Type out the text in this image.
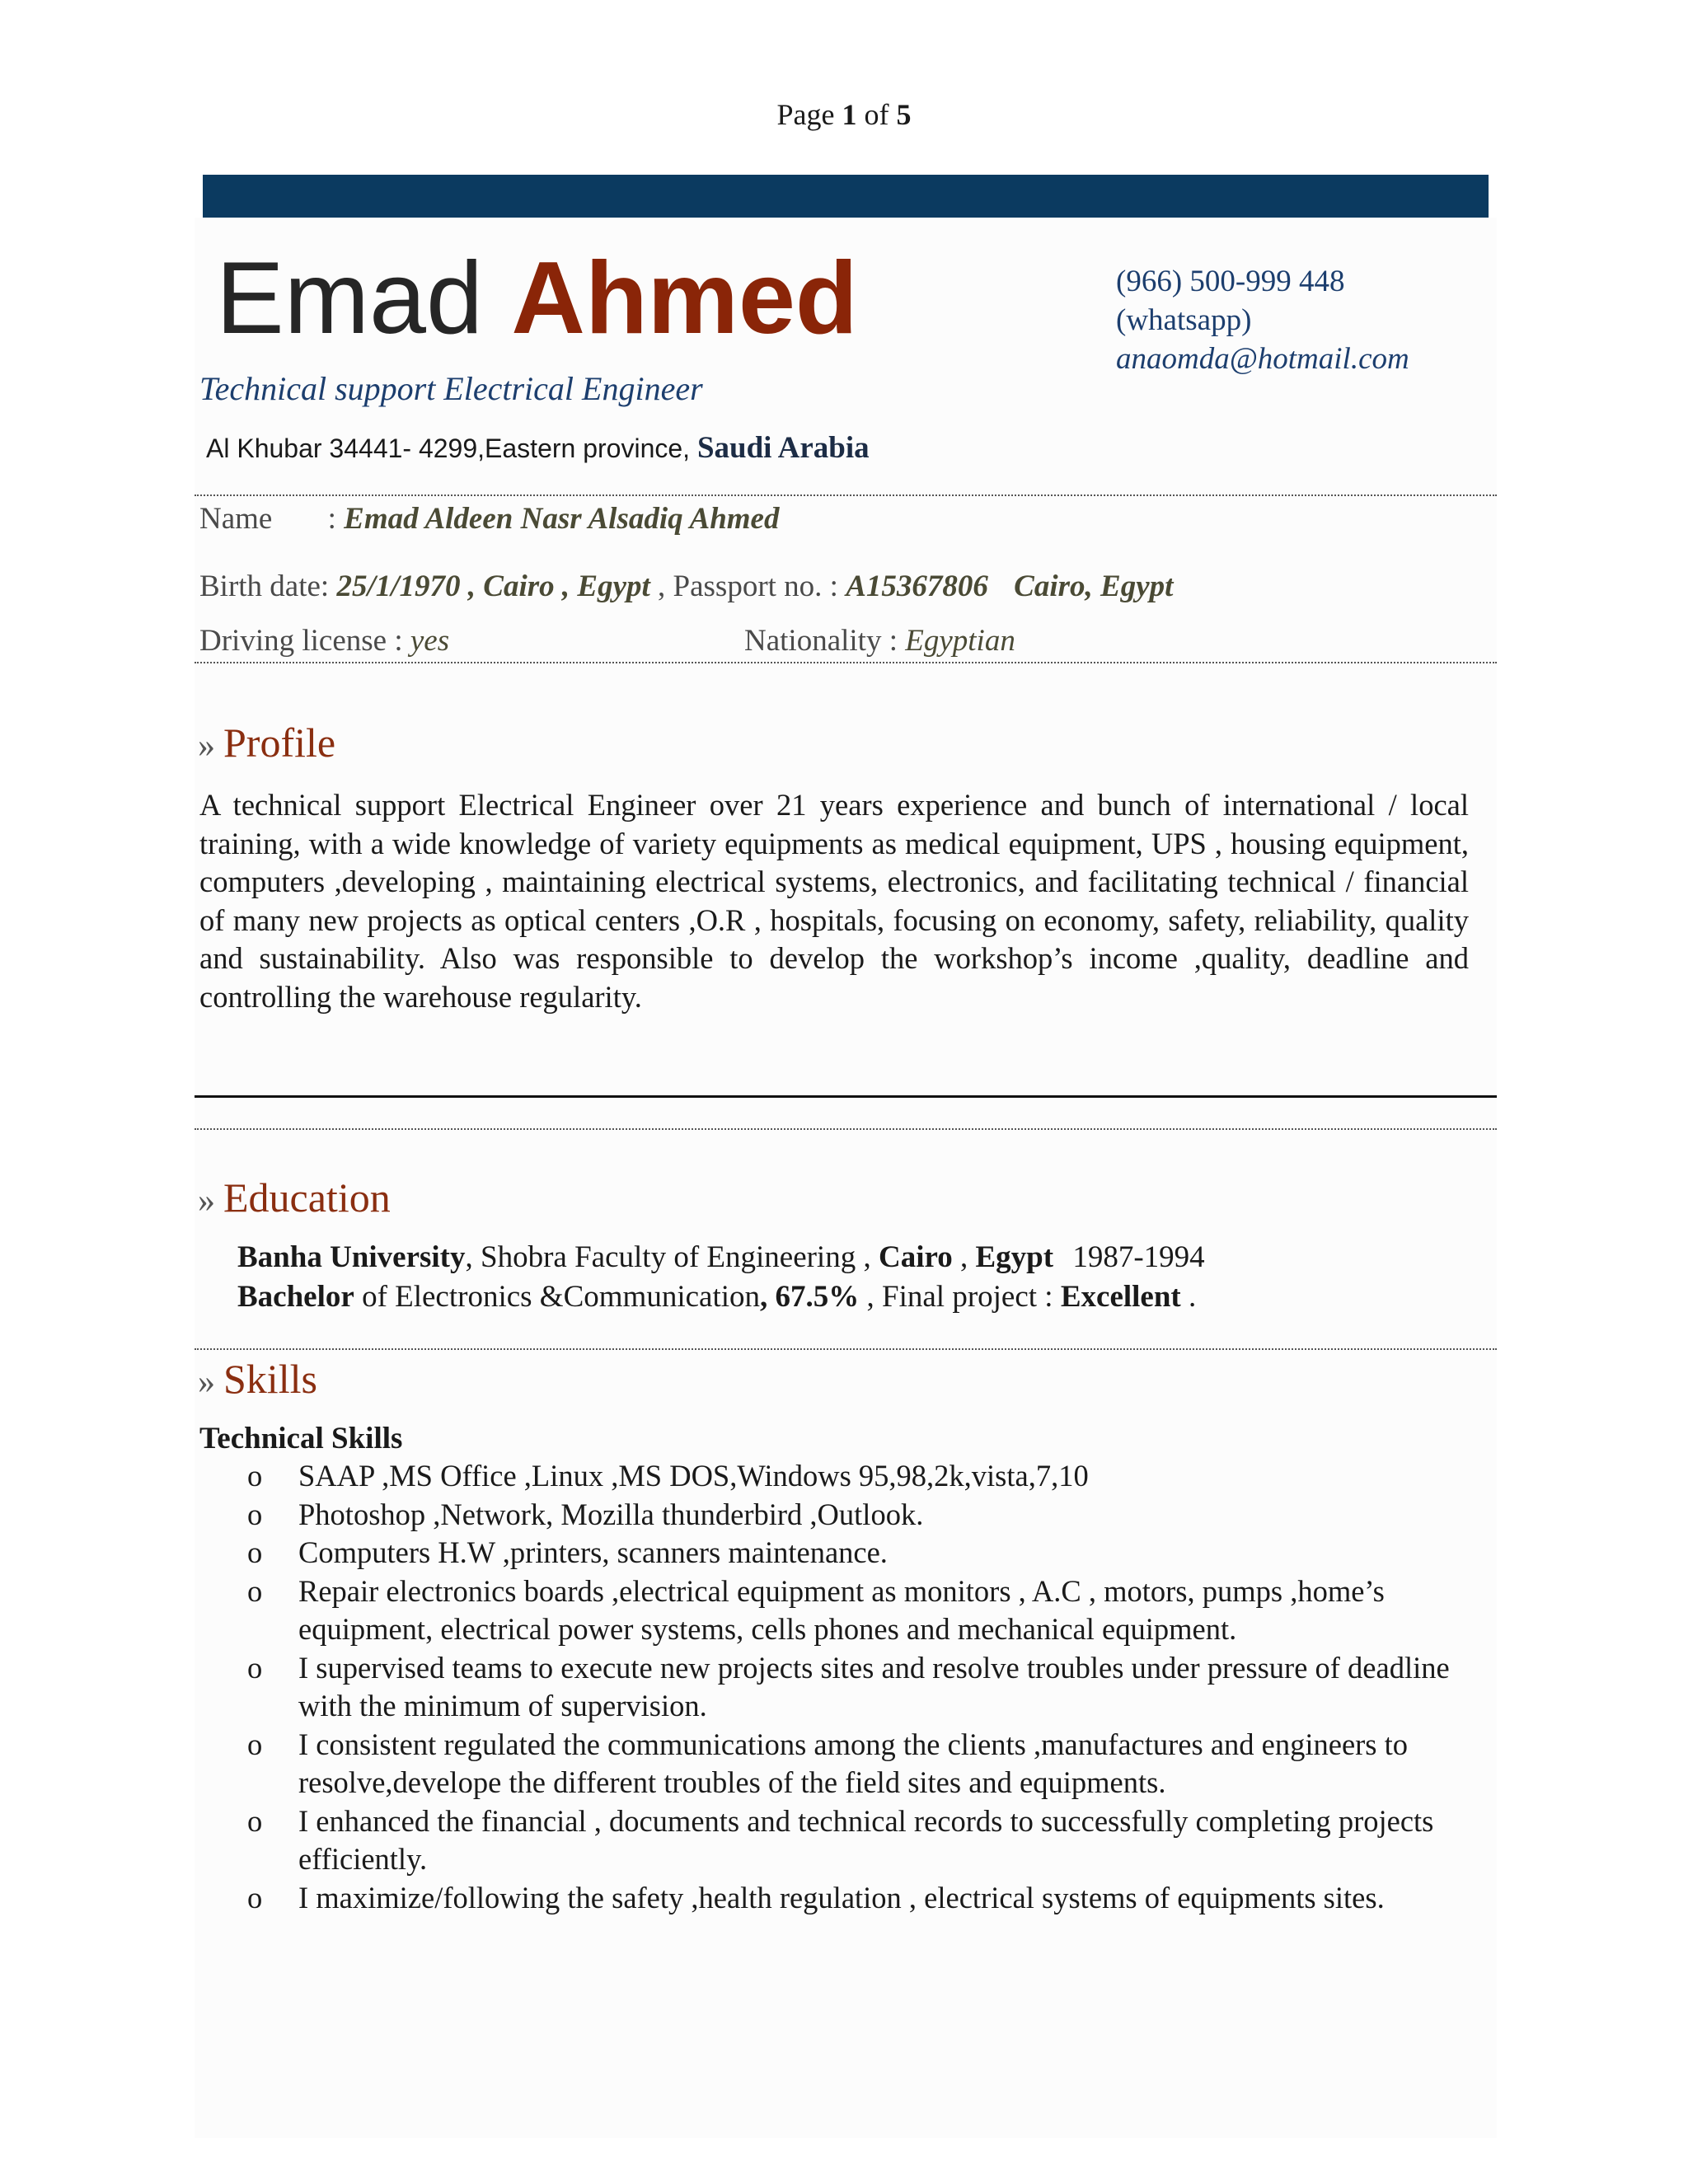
Page 1 of 5
Emad Ahmed
Technical support Electrical Engineer
Al Khubar 34441- 4299,Eastern province, Saudi Arabia
(966) 500-999 448
(whatsapp)
anaomda@hotmail.com
Name : Emad Aldeen Nasr Alsadiq Ahmed
Birth date: 25/1/1970 , Cairo , Egypt , Passport no. : A15367806 Cairo, Egypt
Driving license : yes	Nationality : Egyptian
» Profile
A technical support Electrical Engineer over 21 years experience and bunch of international / local training, with a wide knowledge of variety equipments as medical equipment, UPS , housing equipment, computers ,developing , maintaining electrical systems, electronics, and facilitating technical / financial of many new projects as optical centers ,O.R , hospitals, focusing on economy, safety, reliability, quality and sustainability. Also was responsible to develop the workshop’s income ,quality, deadline and controlling the warehouse regularity.
» Education
Banha University, Shobra Faculty of Engineering , Cairo , Egypt 1987-1994
Bachelor of Electronics &Communication, 67.5% , Final project : Excellent .
» Skills
Technical Skills
o SAAP ,MS Office ,Linux ,MS DOS,Windows 95,98,2k,vista,7,10
o Photoshop ,Network, Mozilla thunderbird ,Outlook.
o Computers H.W ,printers, scanners maintenance.
o Repair electronics boards ,electrical equipment as monitors , A.C , motors, pumps ,home’s equipment, electrical power systems, cells phones and mechanical equipment.
o I supervised teams to execute new projects sites and resolve troubles under pressure of deadline with the minimum of supervision.
o I consistent regulated the communications among the clients ,manufactures and engineers to resolve,develope the different troubles of the field sites and equipments.
o I enhanced the financial , documents and technical records to successfully completing projects efficiently.
o I maximize/following the safety ,health regulation , electrical systems of equipments sites.
